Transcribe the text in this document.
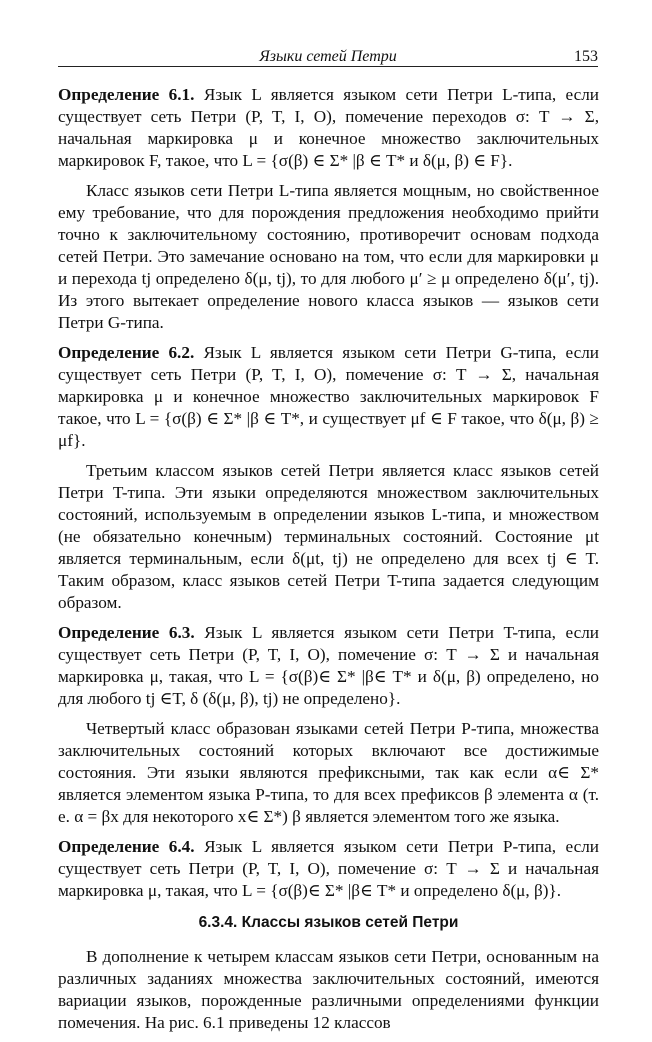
Языки сетей Петри	153

Определение 6.1. Язык L является языком сети Петри L-типа, если существует сеть Петри (P, T, I, O), помечение переходов σ: T → Σ, начальная маркировка μ и конечное множество заключительных маркировок F, такое, что L = {σ(β) ∈ Σ* |β ∈ T* и δ(μ, β) ∈ F}.

Класс языков сети Петри L-типа является мощным, но свойственное ему требование, что для порождения предложения необходимо прийти точно к заключительному состоянию, противоречит основам подхода сетей Петри. Это замечание основано на том, что если для маркировки μ и перехода tj определено δ(μ, tj), то для любого μ′ ≥ μ определено δ(μ′, tj). Из этого вытекает определение нового класса языков — языков сети Петри G-типа.

Определение 6.2. Язык L является языком сети Петри G-типа, если существует сеть Петри (P, T, I, O), помечение σ: T → Σ, начальная маркировка μ и конечное множество заключительных маркировок F такое, что L = {σ(β) ∈ Σ* |β ∈ T*, и существует μf ∈ F такое, что δ(μ, β) ≥ μf}.

Третьим классом языков сетей Петри является класс языков сетей Петри T-типа. Эти языки определяются множеством заключительных состояний, используемым в определении языков L-типа, и множеством (не обязательно конечным) терминальных состояний. Состояние μt является терминальным, если δ(μt, tj) не определено для всех tj ∈ T. Таким образом, класс языков сетей Петри T-типа задается следующим образом.

Определение 6.3. Язык L является языком сети Петри T-типа, если существует сеть Петри (P, T, I, O), помечение σ: T → Σ и начальная маркировка μ, такая, что L = {σ(β)∈ Σ* |β∈ T* и δ(μ, β) определено, но для любого tj ∈T, δ (δ(μ, β), tj) не определено}.

Четвертый класс образован языками сетей Петри P-типа, множества заключительных состояний которых включают все достижимые состояния. Эти языки являются префиксными, так как если α∈ Σ* является элементом языка P-типа, то для всех префиксов β элемента α (т. е. α = βx для некоторого x∈ Σ*) β является элементом того же языка.

Определение 6.4. Язык L является языком сети Петри P-типа, если существует сеть Петри (P, T, I, O), помечение σ: T → Σ и начальная маркировка μ, такая, что L = {σ(β)∈ Σ* |β∈ T* и определено δ(μ, β)}.

6.3.4. Классы языков сетей Петри

В дополнение к четырем классам языков сети Петри, основанным на различных заданиях множества заключительных состояний, имеются вариации языков, порожденные различными определениями функции помечения. На рис. 6.1 приведены 12 классов
